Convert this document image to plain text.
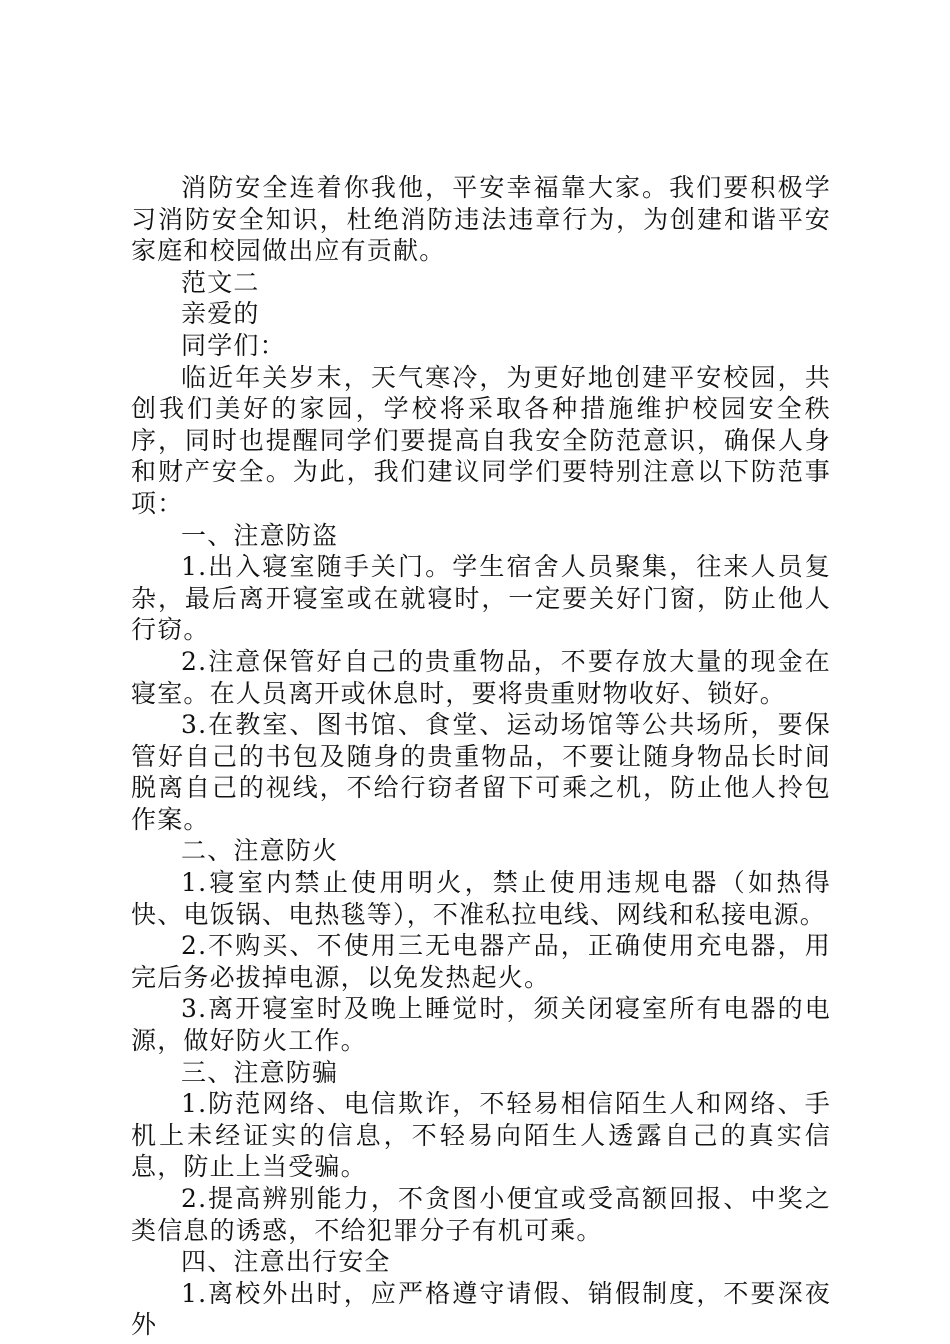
消防安全连着你我他，平安幸福靠大家。我们要积极学习消防安全知识，杜绝消防违法违章行为，为创建和谐平安家庭和校园做出应有贡献。

范文二

亲爱的

同学们：

临近年关岁末，天气寒冷，为更好地创建平安校园，共创我们美好的家园，学校将采取各种措施维护校园安全秩序，同时也提醒同学们要提高自我安全防范意识，确保人身和财产安全。为此，我们建议同学们要特别注意以下防范事项：

一、注意防盗

1.出入寝室随手关门。学生宿舍人员聚集，往来人员复杂，最后离开寝室或在就寝时，一定要关好门窗，防止他人行窃。

2.注意保管好自己的贵重物品，不要存放大量的现金在寝室。在人员离开或休息时，要将贵重财物收好、锁好。

3.在教室、图书馆、食堂、运动场馆等公共场所，要保管好自己的书包及随身的贵重物品，不要让随身物品长时间脱离自己的视线，不给行窃者留下可乘之机，防止他人拎包作案。

二、注意防火

1.寝室内禁止使用明火，禁止使用违规电器（如热得快、电饭锅、电热毯等），不准私拉电线、网线和私接电源。

2.不购买、不使用三无电器产品，正确使用充电器，用完后务必拔掉电源，以免发热起火。

3.离开寝室时及晚上睡觉时，须关闭寝室所有电器的电源，做好防火工作。

三、注意防骗

1.防范网络、电信欺诈，不轻易相信陌生人和网络、手机上未经证实的信息，不轻易向陌生人透露自己的真实信息，防止上当受骗。

2.提高辨别能力，不贪图小便宜或受高额回报、中奖之类信息的诱惑，不给犯罪分子有机可乘。

四、注意出行安全

1.离校外出时，应严格遵守请假、销假制度，不要深夜外
